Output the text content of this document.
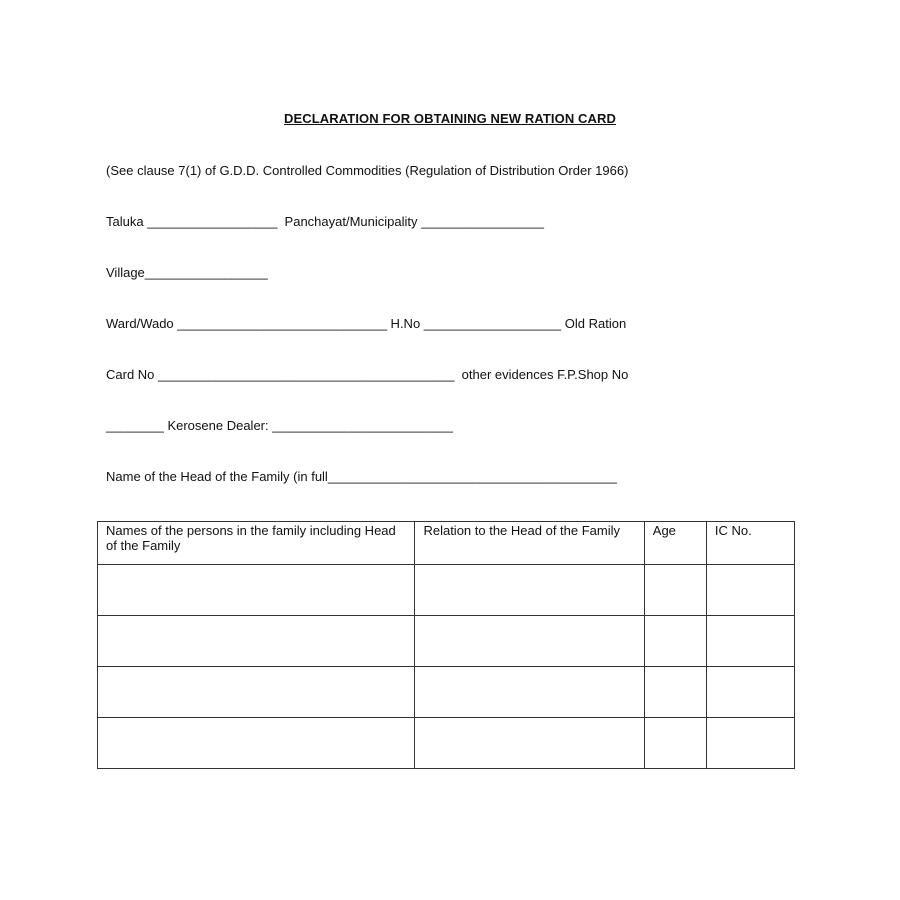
DECLARATION FOR OBTAINING NEW RATION CARD
(See clause 7(1) of G.D.D. Controlled Commodities (Regulation of Distribution Order 1966)
Taluka __________________  Panchayat/Municipality _________________
Village_________________
Ward/Wado _____________________________ H.No ___________________ Old Ration
Card No _________________________________________  other evidences F.P.Shop No
________ Kerosene Dealer: _________________________
Name of the Head of the Family (in full________________________________________
Names of the persons in the family including Head of the Family	Relation to the Head of the Family	Age	IC No.
